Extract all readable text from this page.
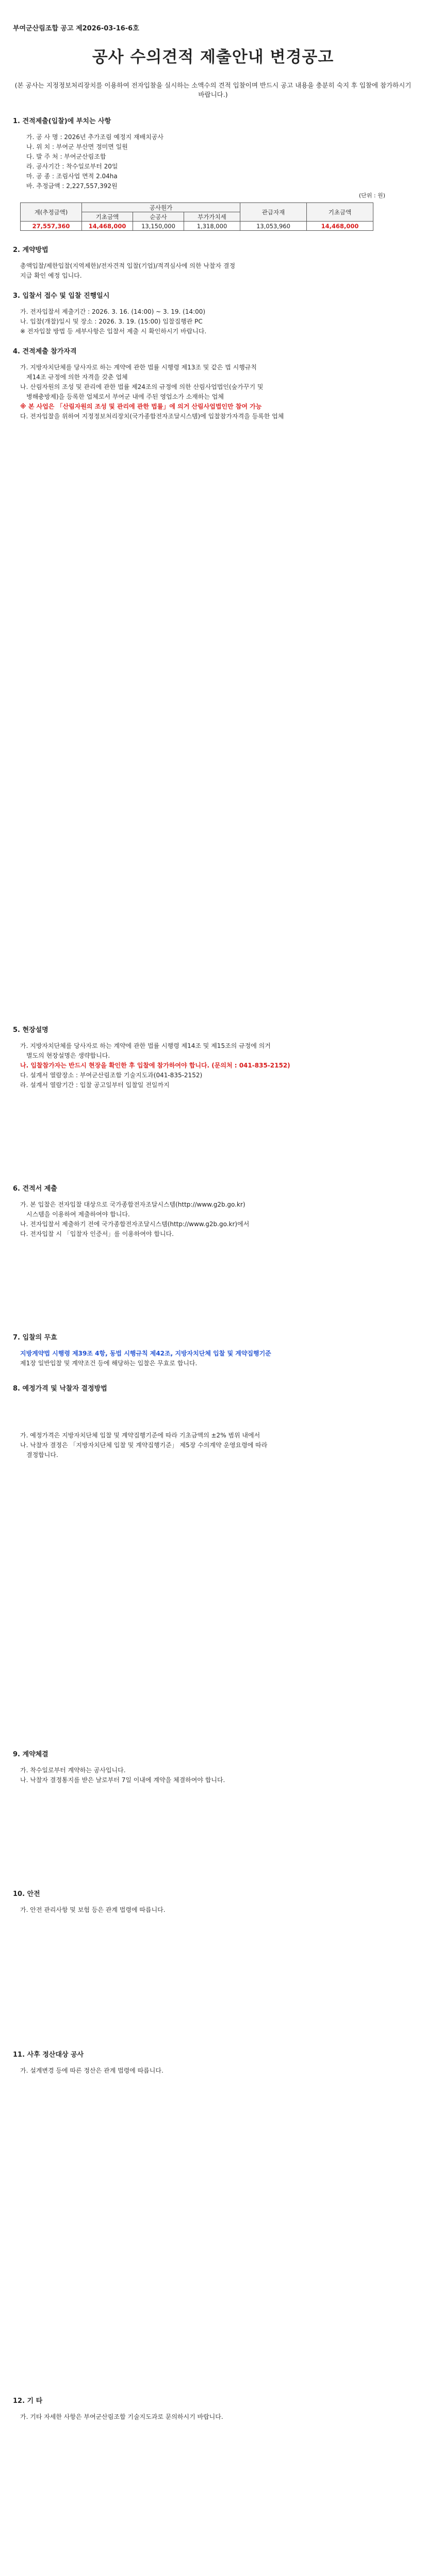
부여군산림조합 공고 제2026-03-16-6호

공사 수의견적 제출안내 변경공고

(본 공사는 지정정보처리장치를 이용하여 전자입찰을 실시하는 소액수의 견적 입찰이며 반드시 공고 내용을 충분히 숙지 후 입찰에 참가하시기 바랍니다.)

1. 견적제출(입찰)에 부치는 사항

가. 공 사 명 : 2026년 추가조림 예정지 재배치공사

나. 위 치 : 부여군 부산면 정미면 일원

다. 발 주 처 : 부여군산림조합

라. 공사기간 : 착수일로부터 20일

마. 공 종 : 조림사업 면적 2.04ha

바. 추정금액 : 2,227,557,392원

(단위 : 원)
계(추정금액)	공사원가			관급자재	기초금액
	기초금액	순공사	부가가치세		
27,557,360	14,468,000	13,150,000	1,318,000	13,053,960	14,468,000

2. 계약방법

총액입찰/제한입찰(지역제한)/전자견적 입찰(기업)/적격심사에 의한 낙찰자 결정

지급 확인 예정 입니다.

3. 입찰서 접수 및 입찰 진행일시

가. 전자입찰서 제출기간 : 2026. 3. 16. (14:00) ~ 3. 19. (14:00)

나. 입찰(개찰)일시 및 장소 : 2026. 3. 19. (15:00) 입찰집행관 PC

※ 전자입찰 방법 등 세부사항은 입찰서 제출 시 확인하시기 바랍니다.

4. 견적제출 참가자격

가. 지방자치단체를 당사자로 하는 계약에 관한 법률 시행령 제13조 및 같은 법 시행규칙

제14조 규정에 의한 자격을 갖춘 업체

나. 산림자원의 조성 및 관리에 관한 법률 제24조의 규정에 의한 산림사업법인(숲가꾸기 및

병해충방제)을 등록한 업체로서 부여군 내에 주된 영업소가 소재하는 업체

※ 본 사업은 「산림자원의 조성 및 관리에 관한 법률」에 의거 산림사업법인만 참여 가능

다. 전자입찰을 위하여 지정정보처리장치(국가종합전자조달시스템)에 입찰참가자격을 등록한 업체

5. 현장설명

가. 지방자치단체를 당사자로 하는 계약에 관한 법률 시행령 제14조 및 제15조의 규정에 의거

별도의 현장설명은 생략합니다.

나. 입찰참가자는 반드시 현장을 확인한 후 입찰에 참가하여야 합니다. (문의처 : 041-835-2152)

다. 설계서 열람장소 : 부여군산림조합 기술지도과(041-835-2152)

라. 설계서 열람기간 : 입찰 공고일부터 입찰일 전일까지

6. 견적서 제출

가. 본 입찰은 전자입찰 대상으로 국가종합전자조달시스템(http://www.g2b.go.kr)

시스템을 이용하여 제출하여야 합니다.

나. 전자입찰서 제출하기 전에 국가종합전자조달시스템(http://www.g2b.go.kr)에서

다. 전자입찰 시 「입찰자 인증서」를 이용하여야 합니다.

7. 입찰의 무효

지방계약법 시행령 제39조 4항, 동법 시행규칙 제42조, 지방자치단체 입찰 및 계약집행기준

제1장 일반입찰 및 계약조건 등에 해당하는 입찰은 무효로 합니다.

8. 예정가격 및 낙찰자 결정방법

가. 예정가격은 지방자치단체 입찰 및 계약집행기준에 따라 기초금액의 ±2% 범위 내에서

나. 낙찰자 결정은 「지방자치단체 입찰 및 계약집행기준」 제5장 수의계약 운영요령에 따라

결정합니다.

9. 계약체결

가. 착수일로부터 계약하는 공사입니다.

나. 낙찰자 결정통지를 받은 날로부터 7일 이내에 계약을 체결하여야 합니다.

10. 안전

가. 안전 관리사항 및 보험 등은 관계 법령에 따릅니다.

11. 사후 정산대상 공사

가. 설계변경 등에 따른 정산은 관계 법령에 따릅니다.

12. 기 타

가. 기타 자세한 사항은 부여군산림조합 기술지도과로 문의하시기 바랍니다.
